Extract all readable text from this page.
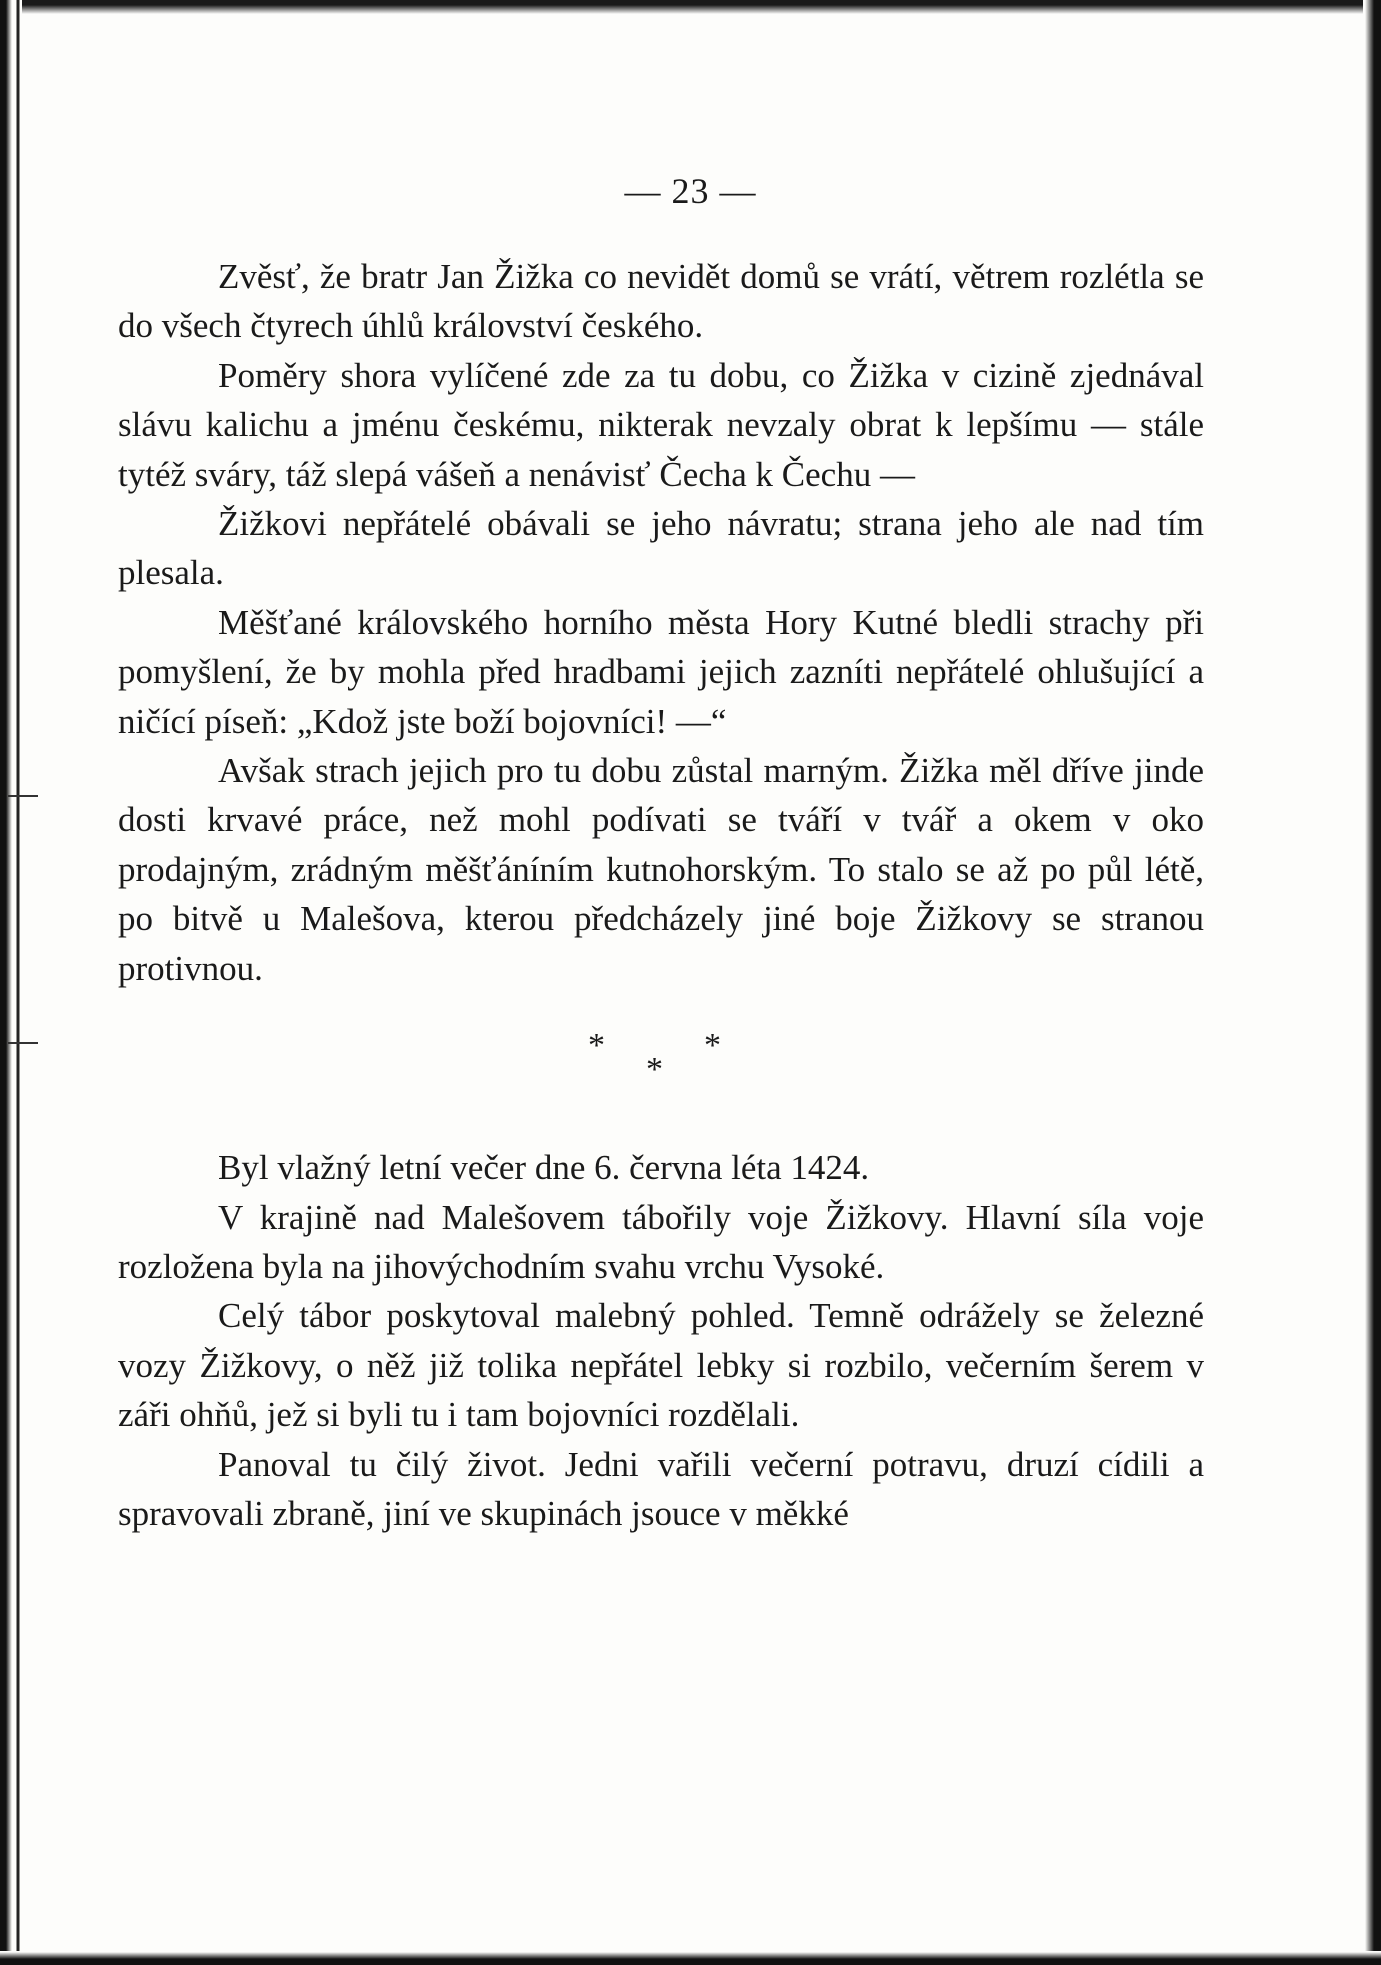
— 23 —

Zvěsť, že bratr Jan Žižka co nevidět domů se vrátí, větrem rozlétla se do všech čtyrech úhlů království českého.

Poměry shora vylíčené zde za tu dobu, co Žižka v cizině zjednával slávu kalichu a jménu českému, nikterak nevzaly obrat k lepšímu — stále tytéž sváry, táž slepá vášeň a nenávisť Čecha k Čechu —

Žižkovi nepřátelé obávali se jeho návratu; strana jeho ale nad tím plesala.

Měšťané královského horního města Hory Kutné bledli strachy při pomyšlení, že by mohla před hradbami jejich zazníti nepřátelé ohlušující a ničící píseň: „Kdož jste boží bojovníci! —“

Avšak strach jejich pro tu dobu zůstal marným. Žižka měl dříve jinde dosti krvavé práce, než mohl podívati se tváří v tvář a okem v oko prodajným, zrádným měšťáníním kutnohorským. To stalo se až po půl létě, po bitvě u Malešova, kterou předcházely jiné boje Žižkovy se stranou protivnou.

*	*
*

Byl vlažný letní večer dne 6. června léta 1424.

V krajině nad Malešovem tábořily voje Žižkovy. Hlavní síla voje rozložena byla na jihovýchodním svahu vrchu Vysoké.

Celý tábor poskytoval malebný pohled. Temně odrážely se železné vozy Žižkovy, o něž již tolika nepřátel lebky si rozbilo, večerním šerem v záři ohňů, jež si byli tu i tam bojovníci rozdělali.

Panoval tu čilý život. Jedni vařili večerní potravu, druzí cídili a spravovali zbraně, jiní ve skupinách jsouce v měkké
